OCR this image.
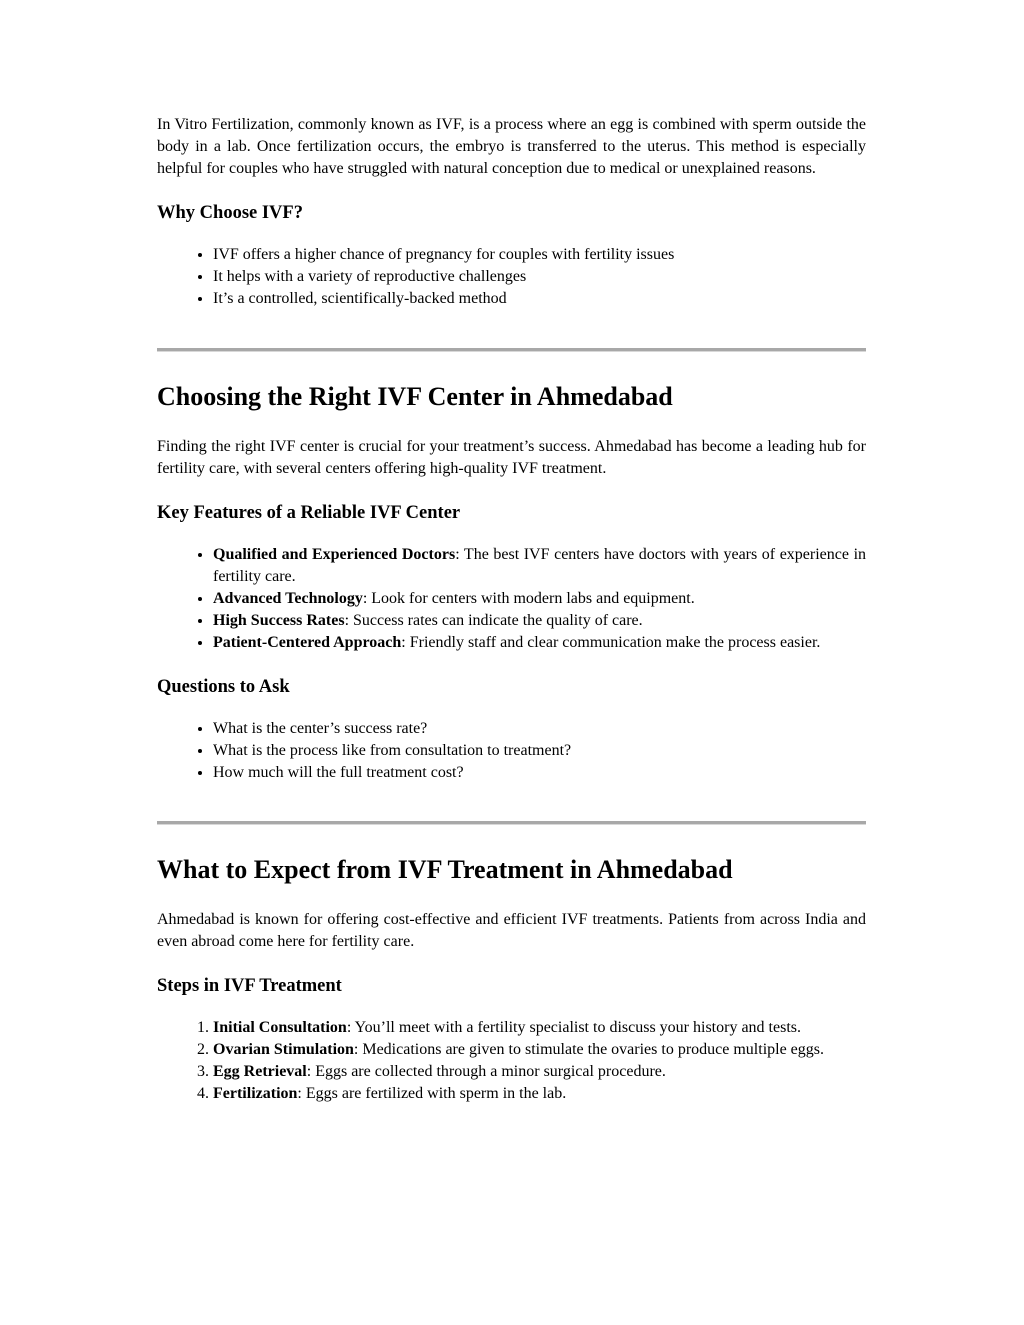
In Vitro Fertilization, commonly known as IVF, is a process where an egg is combined with sperm outside the body in a lab. Once fertilization occurs, the embryo is transferred to the uterus. This method is especially helpful for couples who have struggled with natural conception due to medical or unexplained reasons.

Why Choose IVF?
• IVF offers a higher chance of pregnancy for couples with fertility issues
• It helps with a variety of reproductive challenges
• It’s a controlled, scientifically-backed method
Choosing the Right IVF Center in Ahmedabad

Finding the right IVF center is crucial for your treatment’s success. Ahmedabad has become a leading hub for fertility care, with several centers offering high-quality IVF treatment.

Key Features of a Reliable IVF Center
• Qualified and Experienced Doctors: The best IVF centers have doctors with years of experience in fertility care.
• Advanced Technology: Look for centers with modern labs and equipment.
• High Success Rates: Success rates can indicate the quality of care.
• Patient-Centered Approach: Friendly staff and clear communication make the process easier.
Questions to Ask
• What is the center’s success rate?
• What is the process like from consultation to treatment?
• How much will the full treatment cost?
What to Expect from IVF Treatment in Ahmedabad

Ahmedabad is known for offering cost-effective and efficient IVF treatments. Patients from across India and even abroad come here for fertility care.

Steps in IVF Treatment
1. Initial Consultation: You’ll meet with a fertility specialist to discuss your history and tests.
2. Ovarian Stimulation: Medications are given to stimulate the ovaries to produce multiple eggs.
3. Egg Retrieval: Eggs are collected through a minor surgical procedure.
4. Fertilization: Eggs are fertilized with sperm in the lab.
